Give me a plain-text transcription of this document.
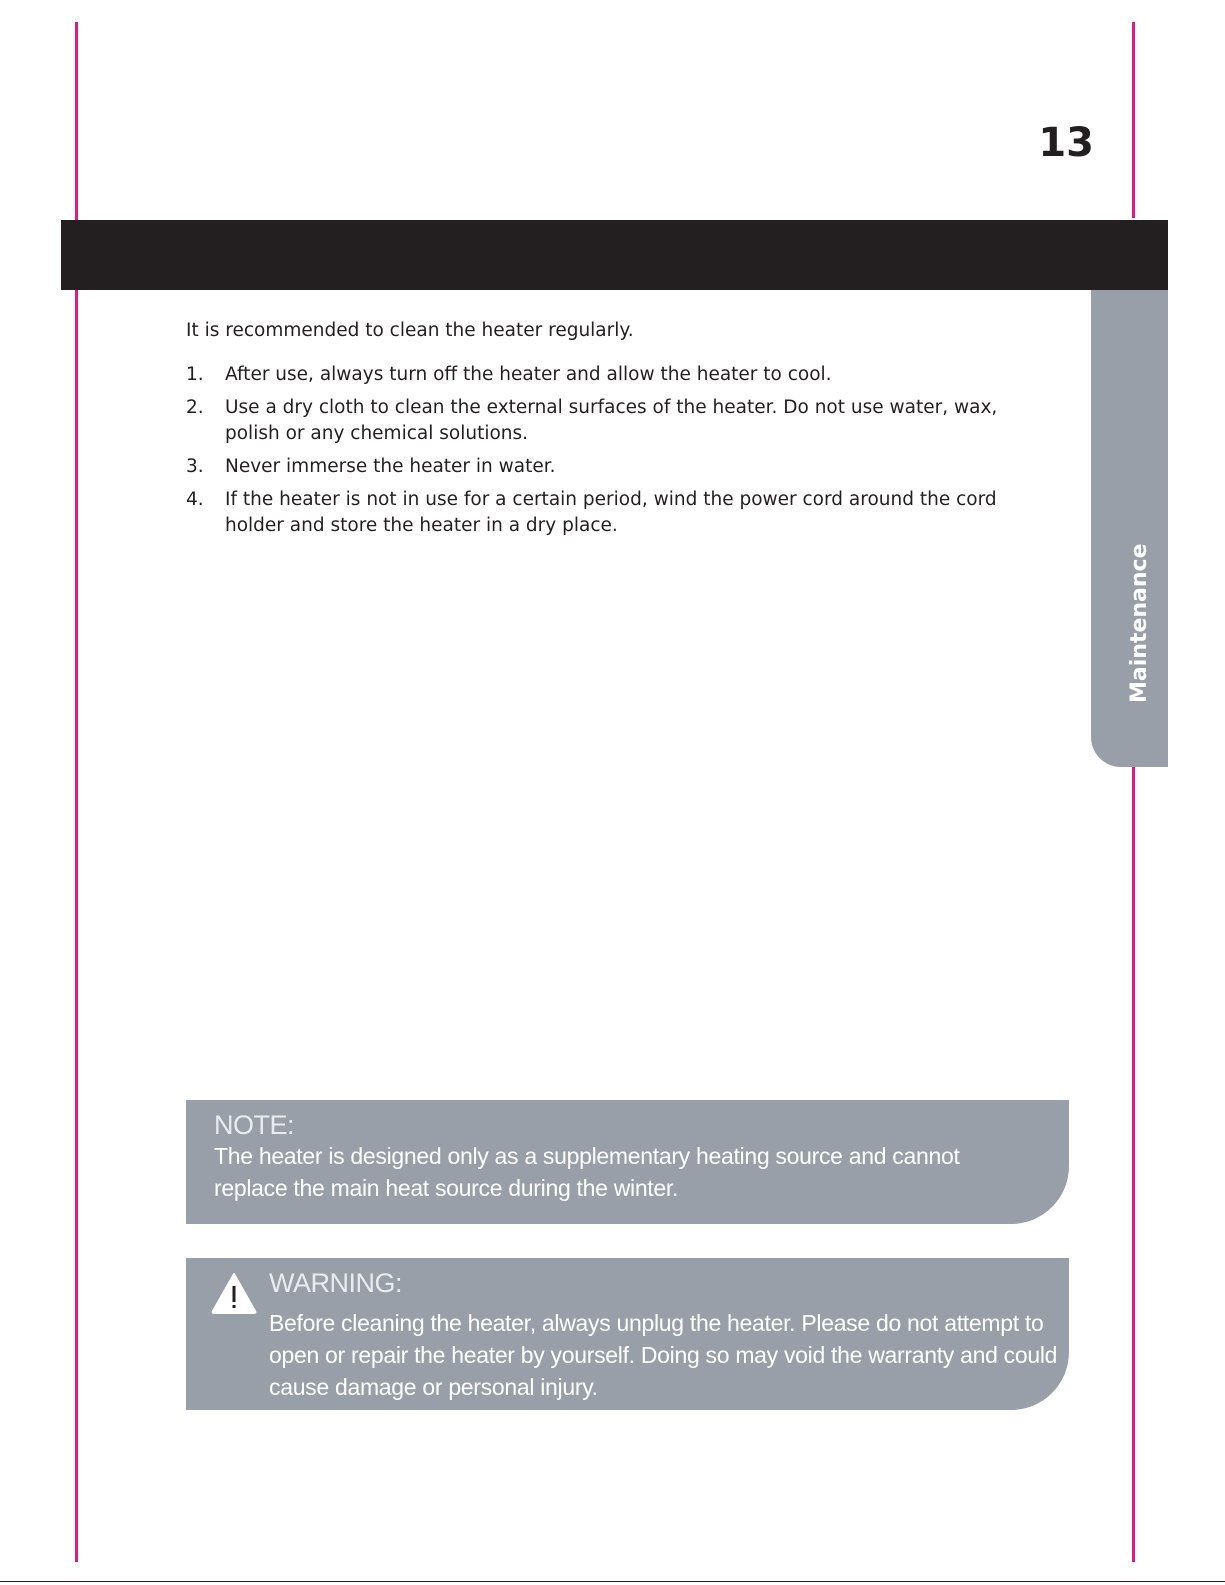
13
Maintenance

It is recommended to clean the heater regularly.

1. After use, always turn off the heater and allow the heater to cool.
2. Use a dry cloth to clean the external surfaces of the heater. Do not use water, wax, polish or any chemical solutions.
3. Never immerse the heater in water.
4. If the heater is not in use for a certain period, wind the power cord around the cord holder and store the heater in a dry place.
NOTE:
The heater is designed only as a supplementary heating source and cannot replace the main heat source during the winter.
WARNING:
Before cleaning the heater, always unplug the heater. Please do not attempt to open or repair the heater by yourself. Doing so may void the warranty and could cause damage or personal injury.
